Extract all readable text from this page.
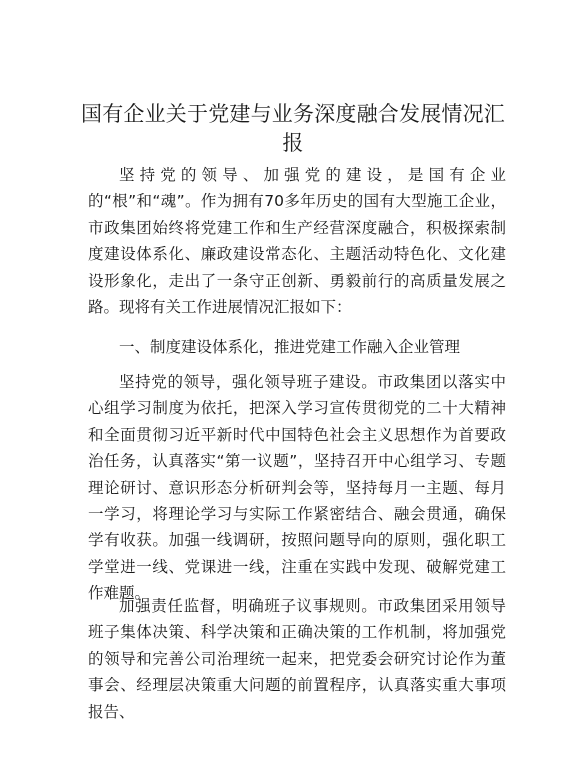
国有企业关于党建与业务深度融合发展情况汇报

坚持党的领导、加强党的建设，是国有企业的“根”和“魂”。作为拥有70多年历史的国有大型施工企业，市政集团始终将党建工作和生产经营深度融合，积极探索制度建设体系化、廉政建设常态化、主题活动特色化、文化建设形象化，走出了一条守正创新、勇毅前行的高质量发展之路。现将有关工作进展情况汇报如下：

一、制度建设体系化，推进党建工作融入企业管理

坚持党的领导，强化领导班子建设。市政集团以落实中心组学习制度为依托，把深入学习宣传贯彻党的二十大精神和全面贯彻习近平新时代中国特色社会主义思想作为首要政治任务，认真落实“第一议题”，坚持召开中心组学习、专题理论研讨、意识形态分析研判会等，坚持每月一主题、每月一学习，将理论学习与实际工作紧密结合、融会贯通，确保学有收获。加强一线调研，按照问题导向的原则，强化职工学堂进一线、党课进一线，注重在实践中发现、破解党建工作难题。

加强责任监督，明确班子议事规则。市政集团采用领导班子集体决策、科学决策和正确决策的工作机制，将加强党的领导和完善公司治理统一起来，把党委会研究讨论作为董事会、经理层决策重大问题的前置程序，认真落实重大事项报告、
